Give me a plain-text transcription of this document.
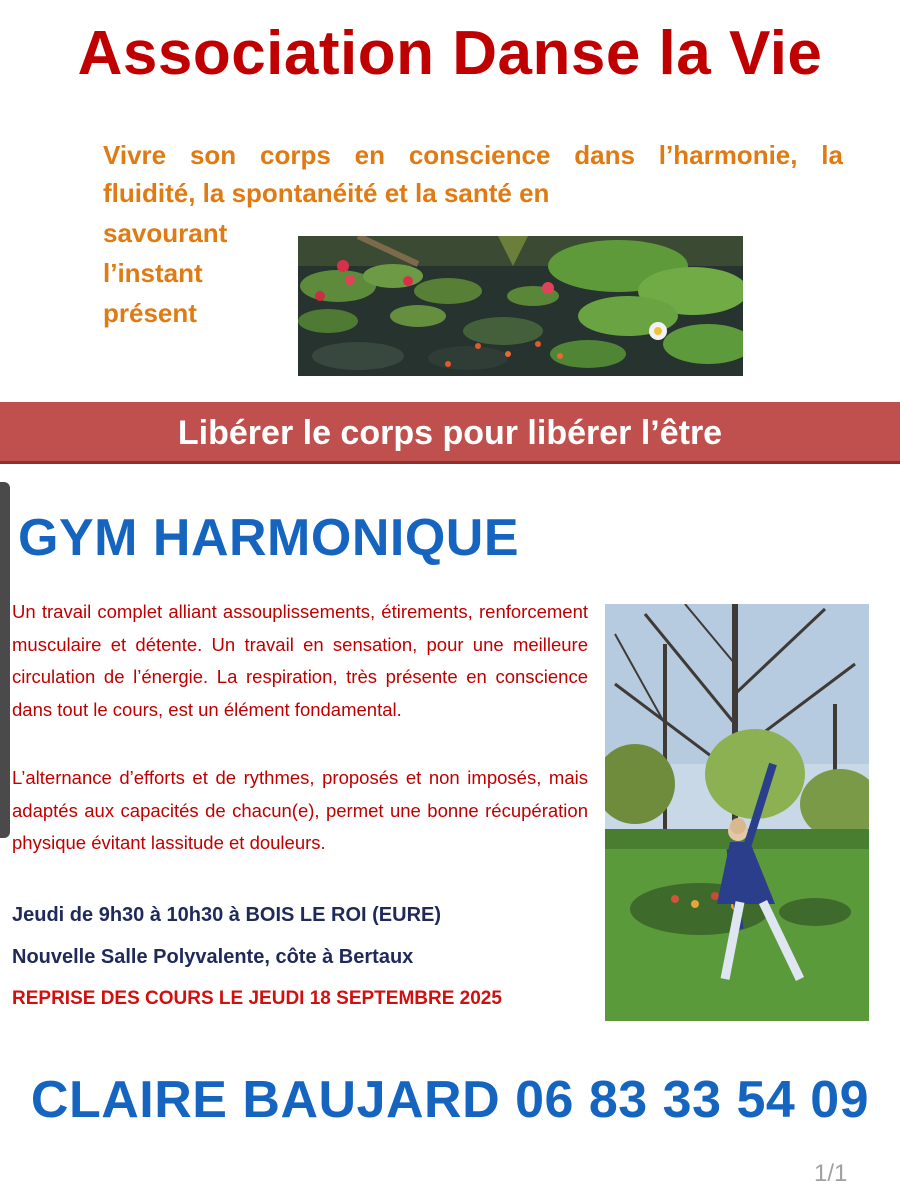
Association Danse la Vie
Vivre son corps en conscience dans l’harmonie, la
fluidité, la spontanéité et la santé en
savourant
l’instant
présent
Libérer le corps pour libérer l’être
GYM HARMONIQUE
Un travail complet alliant assouplissements, étirements, renforcement musculaire et détente. Un travail en sensation, pour une meilleure circulation de l’énergie. La respiration, très présente en conscience dans tout le cours, est un élément fondamental.
L’alternance d’efforts et de rythmes, proposés et non imposés, mais adaptés aux capacités de chacun(e), permet une bonne récupération physique évitant lassitude et douleurs.
Jeudi de 9h30 à 10h30 à BOIS LE ROI (EURE)
Nouvelle Salle Polyvalente, côte à Bertaux
REPRISE DES COURS LE JEUDI 18 SEPTEMBRE 2025
CLAIRE BAUJARD 06 83 33 54 09
1/1
